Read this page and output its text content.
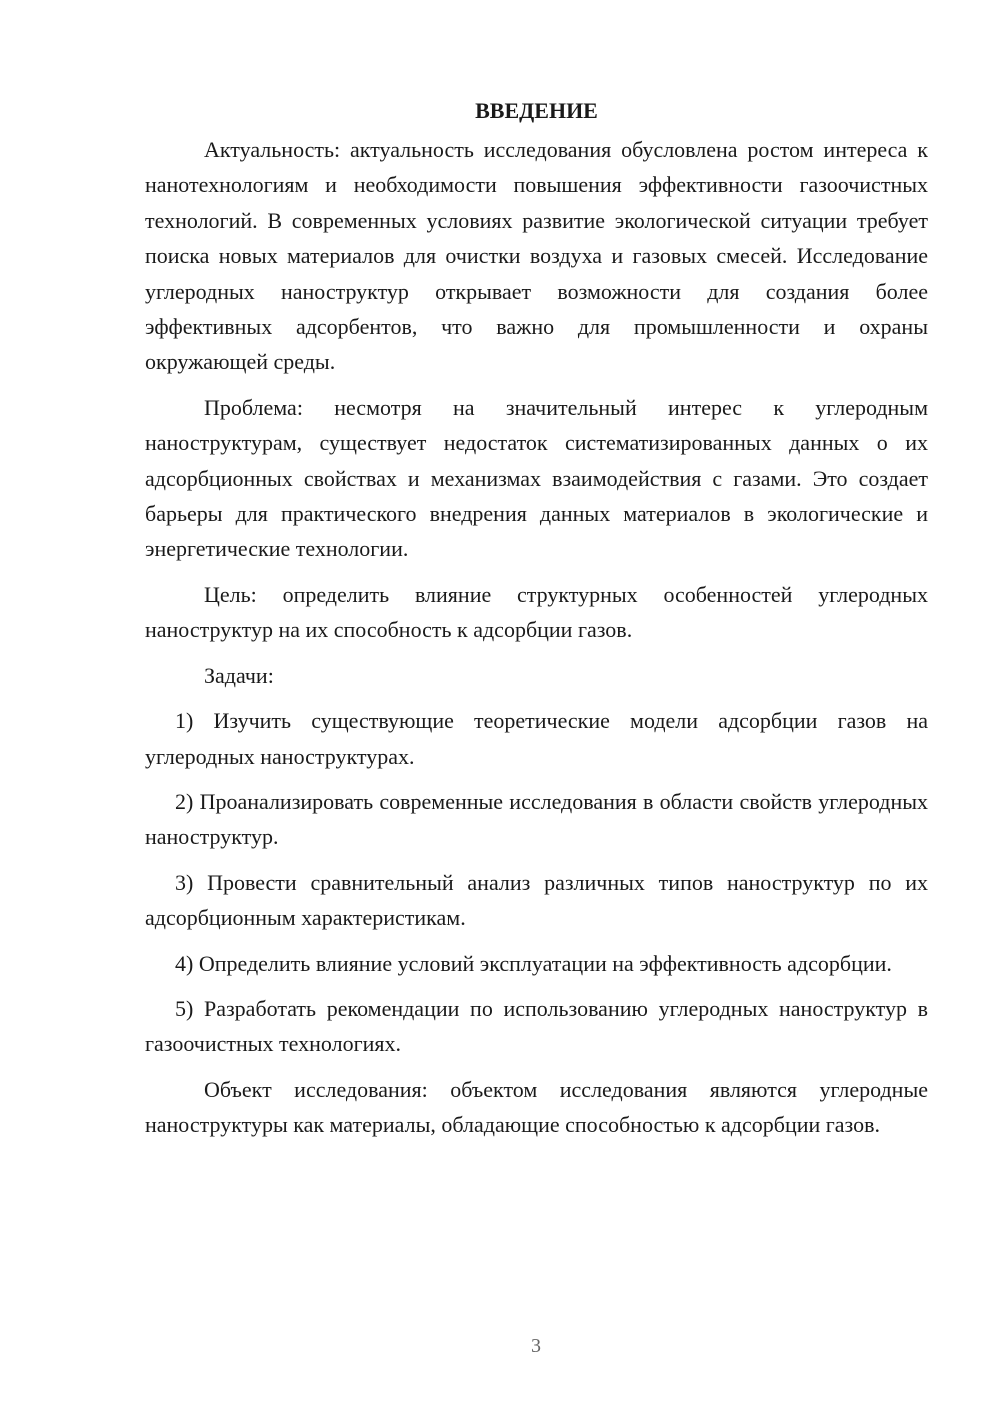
ВВЕДЕНИЕ

Актуальность: актуальность исследования обусловлена ростом интереса к нанотехнологиям и необходимости повышения эффективности газоочистных технологий. В современных условиях развитие экологической ситуации требует поиска новых материалов для очистки воздуха и газовых смесей. Исследование углеродных наноструктур открывает возможности для создания более эффективных адсорбентов, что важно для промышленности и охраны окружающей среды.

Проблема: несмотря на значительный интерес к углеродным наноструктурам, существует недостаток систематизированных данных о их адсорбционных свойствах и механизмах взаимодействия с газами. Это создает барьеры для практического внедрения данных материалов в экологические и энергетические технологии.

Цель: определить влияние структурных особенностей углеродных наноструктур на их способность к адсорбции газов.

Задачи:

1) Изучить существующие теоретические модели адсорбции газов на углеродных наноструктурах.

2) Проанализировать современные исследования в области свойств углеродных наноструктур.

3) Провести сравнительный анализ различных типов наноструктур по их адсорбционным характеристикам.

4) Определить влияние условий эксплуатации на эффективность адсорбции.

5) Разработать рекомендации по использованию углеродных наноструктур в газоочистных технологиях.

Объект исследования: объектом исследования являются углеродные наноструктуры как материалы, обладающие способностью к адсорбции газов.

3
